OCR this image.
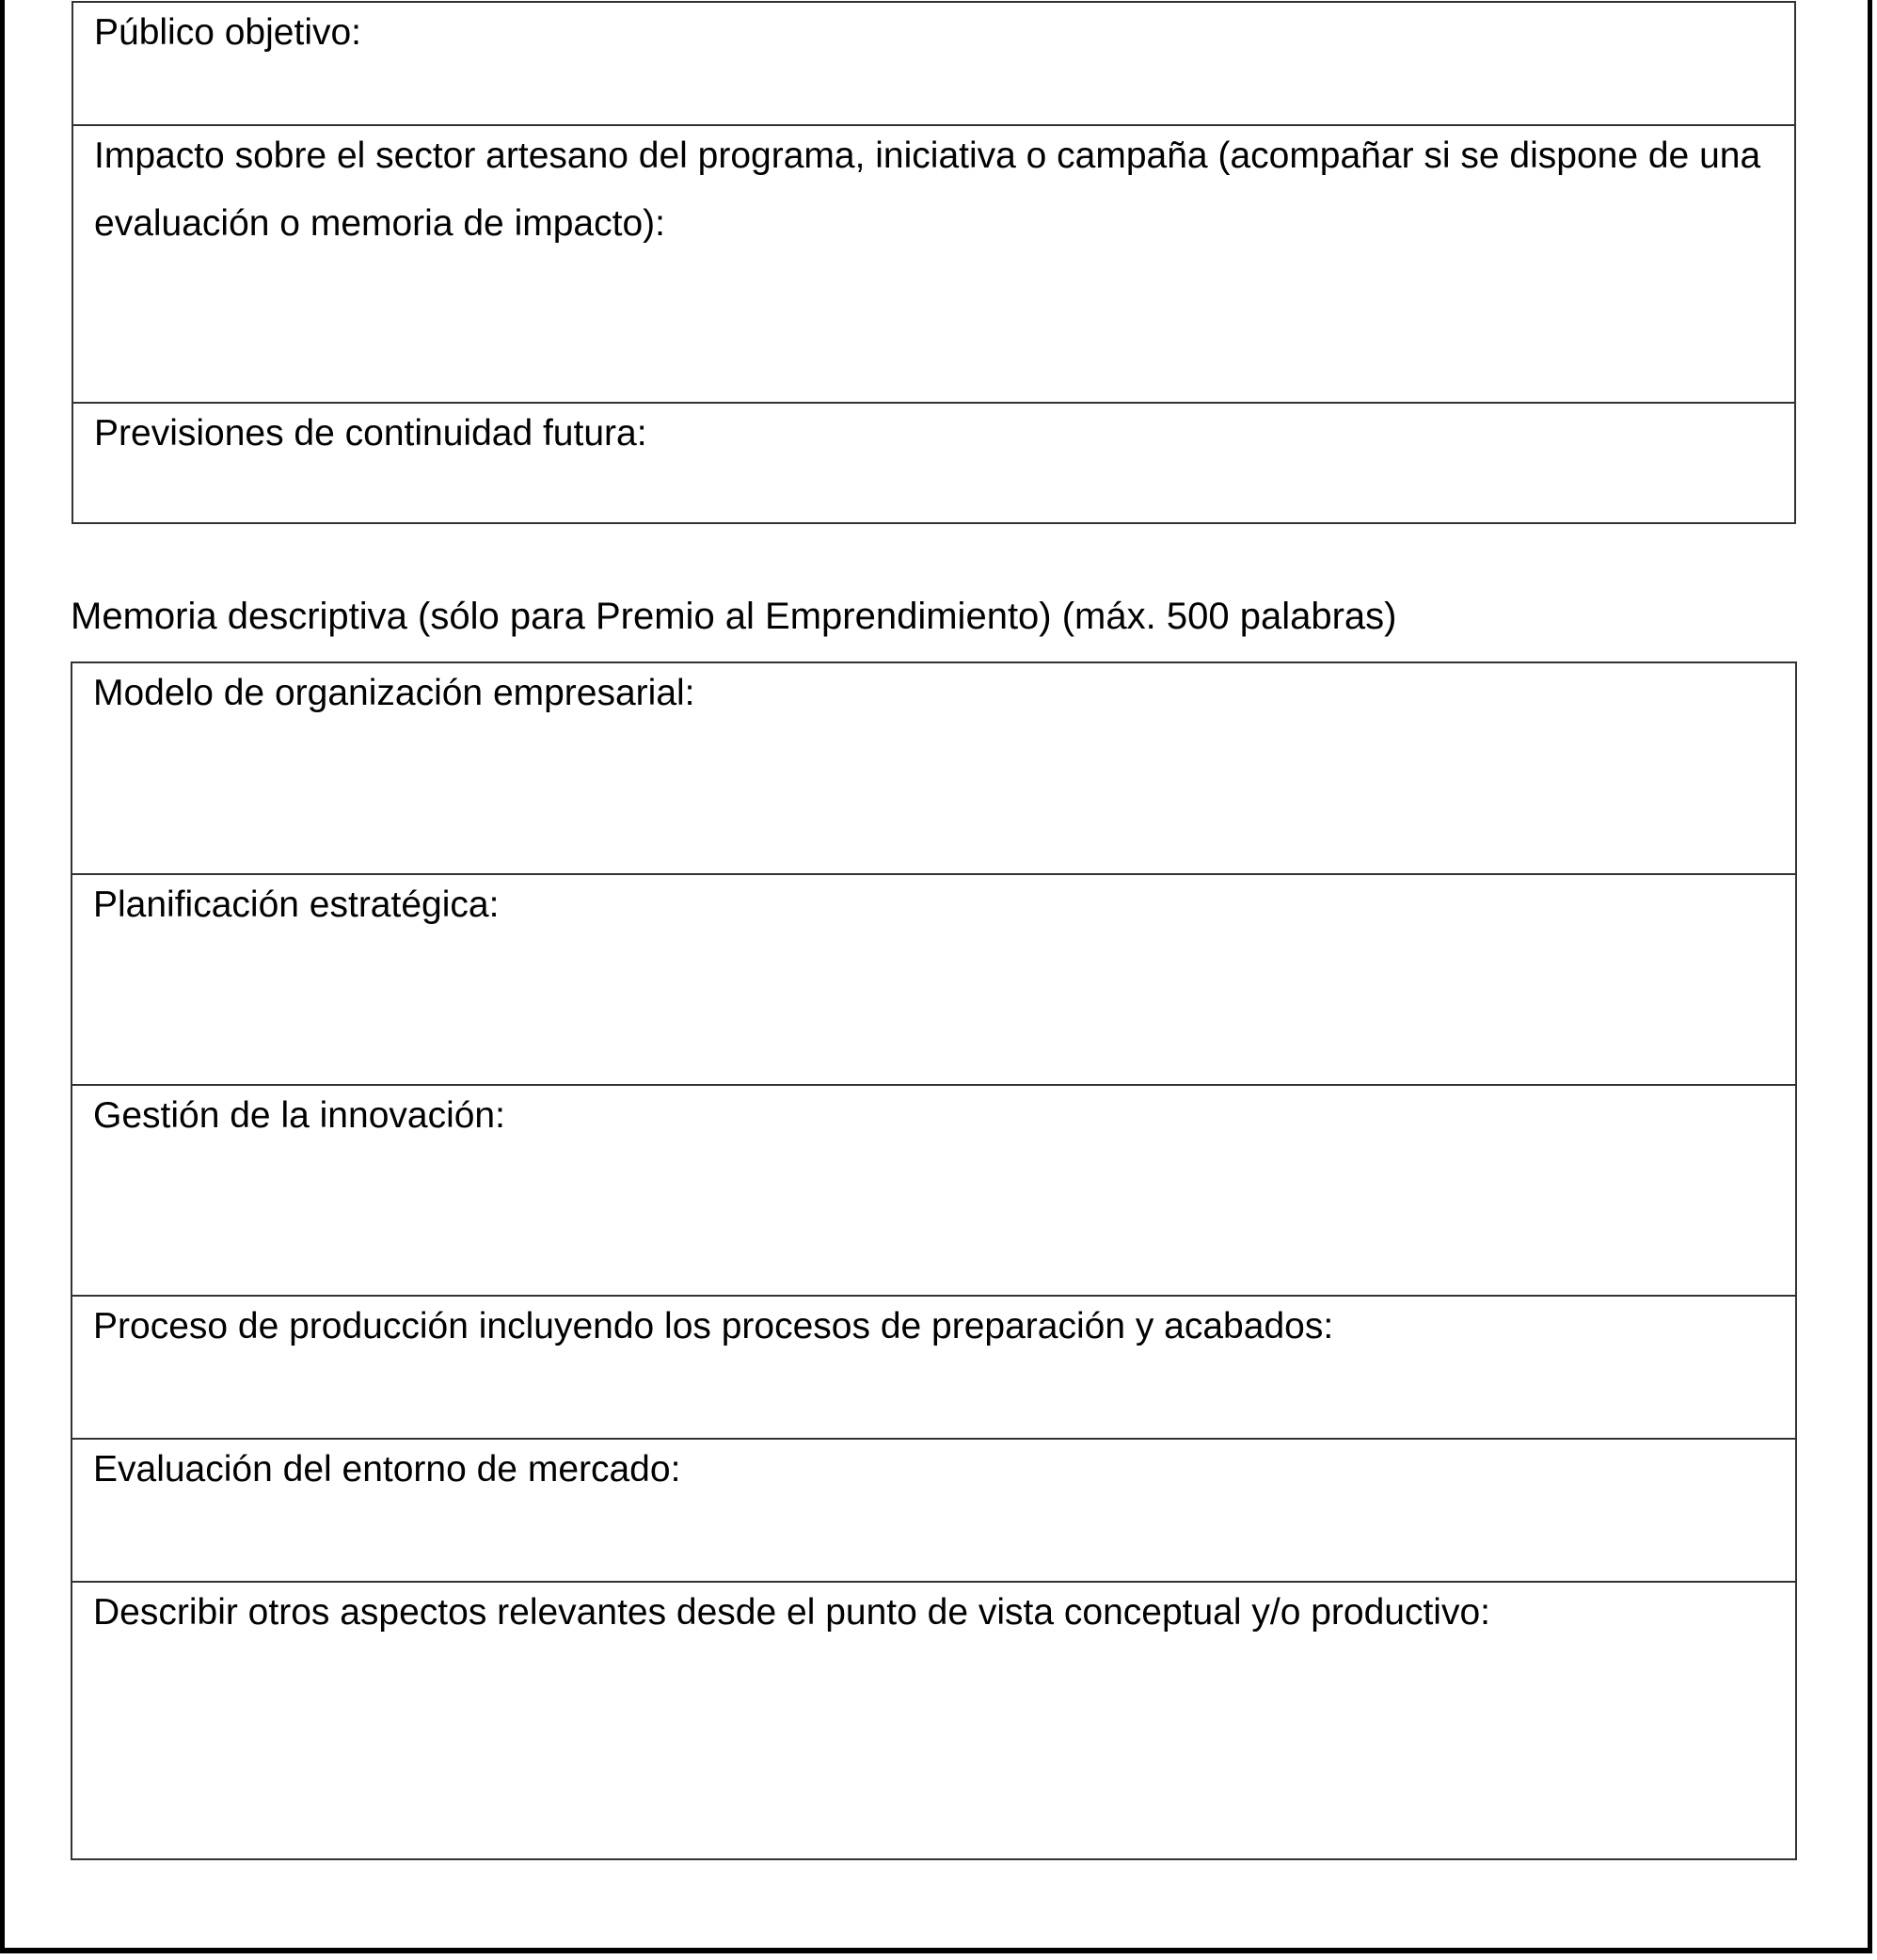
Público objetivo:

Impacto sobre el sector artesano del programa, iniciativa o campaña (acompañar si se dispone de una evaluación o memoria de impacto):

Previsiones de continuidad futura:
Memoria descriptiva (sólo para Premio al Emprendimiento) (máx. 500 palabras)
Modelo de organización empresarial:

Planificación estratégica:

Gestión de la innovación:

Proceso de producción incluyendo los procesos de preparación y acabados:

Evaluación del entorno de mercado:

Describir otros aspectos relevantes desde el punto de vista conceptual y/o productivo:
